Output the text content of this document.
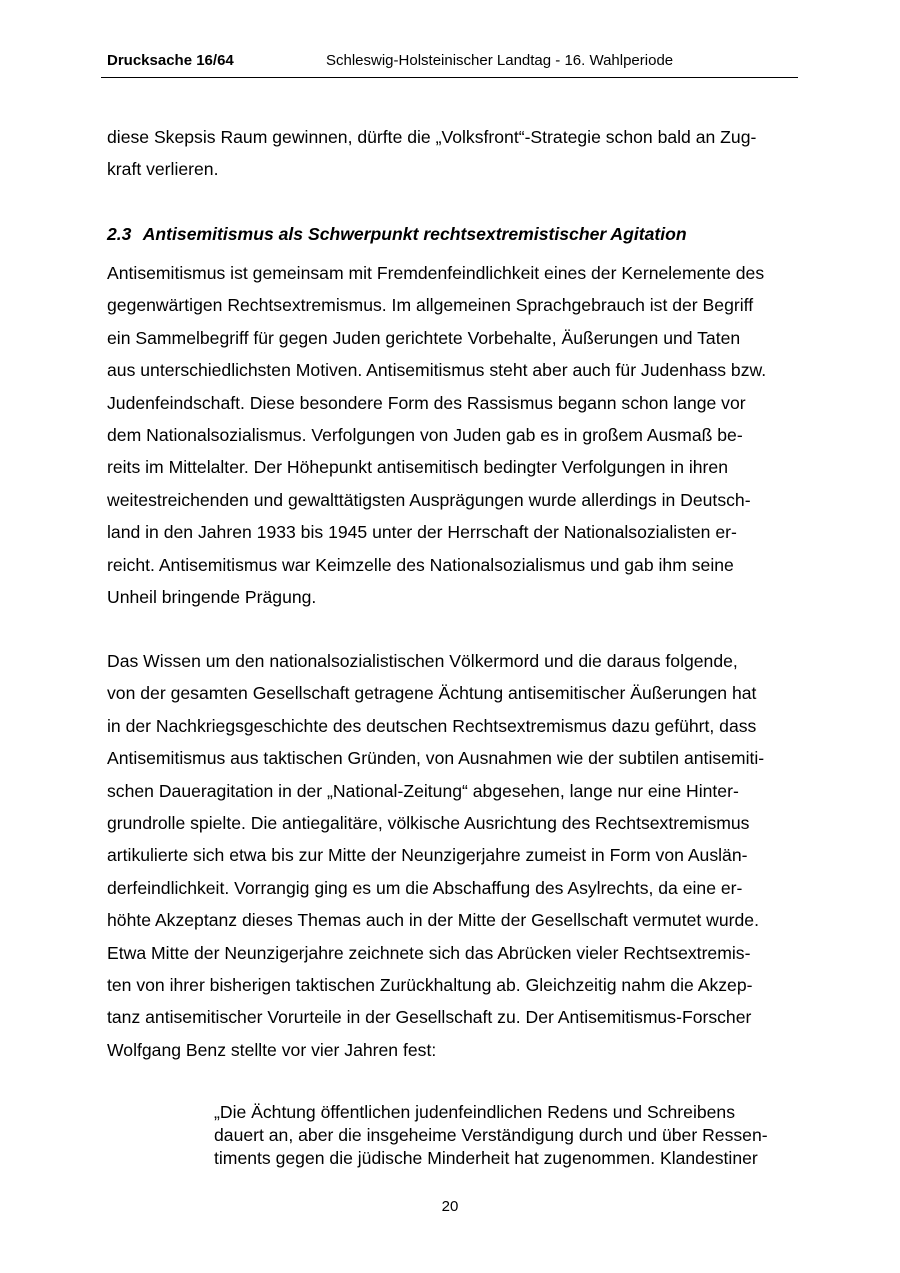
Drucksache 16/64	Schleswig-Holsteinischer Landtag - 16. Wahlperiode

diese Skepsis Raum gewinnen, dürfte die „Volksfront“-Strategie schon bald an Zug-
kraft verlieren.

2.3 Antisemitismus als Schwerpunkt rechtsextremistischer Agitation

Antisemitismus ist gemeinsam mit Fremdenfeindlichkeit eines der Kernelemente des
gegenwärtigen Rechtsextremismus. Im allgemeinen Sprachgebrauch ist der Begriff
ein Sammelbegriff für gegen Juden gerichtete Vorbehalte, Äußerungen und Taten
aus unterschiedlichsten Motiven. Antisemitismus steht aber auch für Judenhass bzw.
Judenfeindschaft. Diese besondere Form des Rassismus begann schon lange vor
dem Nationalsozialismus. Verfolgungen von Juden gab es in großem Ausmaß be-
reits im Mittelalter. Der Höhepunkt antisemitisch bedingter Verfolgungen in ihren
weitestreichenden und gewalttätigsten Ausprägungen wurde allerdings in Deutsch-
land in den Jahren 1933 bis 1945 unter der Herrschaft der Nationalsozialisten er-
reicht. Antisemitismus war Keimzelle des Nationalsozialismus und gab ihm seine
Unheil bringende Prägung.

Das Wissen um den nationalsozialistischen Völkermord und die daraus folgende,
von der gesamten Gesellschaft getragene Ächtung antisemitischer Äußerungen hat
in der Nachkriegsgeschichte des deutschen Rechtsextremismus dazu geführt, dass
Antisemitismus aus taktischen Gründen, von Ausnahmen wie der subtilen antisemiti-
schen Daueragitation in der „National-Zeitung“ abgesehen, lange nur eine Hinter-
grundrolle spielte. Die antiegalitäre, völkische Ausrichtung des Rechtsextremismus
artikulierte sich etwa bis zur Mitte der Neunzigerjahre zumeist in Form von Auslän-
derfeindlichkeit. Vorrangig ging es um die Abschaffung des Asylrechts, da eine er-
höhte Akzeptanz dieses Themas auch in der Mitte der Gesellschaft vermutet wurde.
Etwa Mitte der Neunzigerjahre zeichnete sich das Abrücken vieler Rechtsextremis-
ten von ihrer bisherigen taktischen Zurückhaltung ab. Gleichzeitig nahm die Akzep-
tanz antisemitischer Vorurteile in der Gesellschaft zu. Der Antisemitismus-Forscher
Wolfgang Benz stellte vor vier Jahren fest:

„Die Ächtung öffentlichen judenfeindlichen Redens und Schreibens
dauert an, aber die insgeheime Verständigung durch und über Ressen-
timents gegen die jüdische Minderheit hat zugenommen. Klandestiner
20
